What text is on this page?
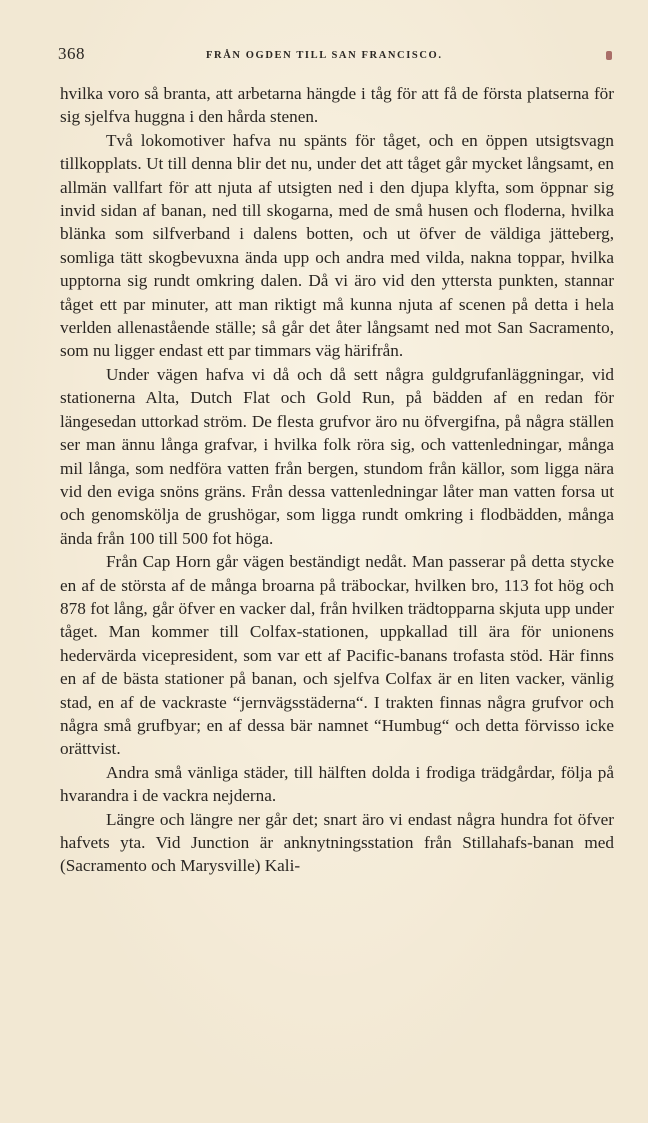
368	FRÅN OGDEN TILL SAN FRANCISCO.

hvilka voro så branta, att arbetarna hängde i tåg för att få de första platserna för sig sjelfva huggna i den hårda stenen.

Två lokomotiver hafva nu spänts för tåget, och en öppen utsigtsvagn tillkopplats. Ut till denna blir det nu, under det att tåget går mycket långsamt, en allmän vallfart för att njuta af utsigten ned i den djupa klyfta, som öppnar sig invid sidan af banan, ned till skogarna, med de små husen och floderna, hvilka blänka som silfverband i dalens botten, och ut öfver de väldiga jätteberg, somliga tätt skogbevuxna ända upp och andra med vilda, nakna toppar, hvilka upptorna sig rundt omkring dalen. Då vi äro vid den yttersta punkten, stannar tåget ett par minuter, att man riktigt må kunna njuta af scenen på detta i hela verlden allenastående ställe; så går det åter långsamt ned mot San Sacramento, som nu ligger endast ett par timmars väg härifrån.

Under vägen hafva vi då och då sett några guldgrufanläggningar, vid stationerna Alta, Dutch Flat och Gold Run, på bädden af en redan för längesedan uttorkad ström. De flesta grufvor äro nu öfvergifna, på några ställen ser man ännu långa grafvar, i hvilka folk röra sig, och vattenledningar, många mil långa, som nedföra vatten från bergen, stundom från källor, som ligga nära vid den eviga snöns gräns. Från dessa vattenledningar låter man vatten forsa ut och genomskölja de grushögar, som ligga rundt omkring i flodbädden, många ända från 100 till 500 fot höga.

Från Cap Horn går vägen beständigt nedåt. Man passerar på detta stycke en af de största af de många broarna på träbockar, hvilken bro, 113 fot hög och 878 fot lång, går öfver en vacker dal, från hvilken trädtopparna skjuta upp under tåget. Man kommer till Colfax-stationen, uppkallad till ära för unionens hedervärda vicepresident, som var ett af Pacific-banans trofasta stöd. Här finns en af de bästa stationer på banan, och sjelfva Colfax är en liten vacker, vänlig stad, en af de vackraste “jernvägsstäderna“. I trakten finnas några grufvor och några små grufbyar; en af dessa bär namnet “Humbug“ och detta förvisso icke orättvist.

Andra små vänliga städer, till hälften dolda i frodiga trädgårdar, följa på hvarandra i de vackra nejderna.

Längre och längre ner går det; snart äro vi endast några hundra fot öfver hafvets yta. Vid Junction är anknytningsstation från Stillahafs-banan med (Sacramento och Marysville) Kali-
